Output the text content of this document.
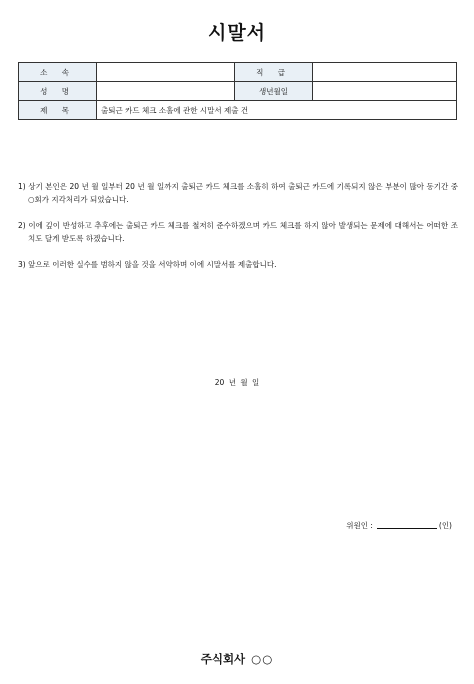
시말서
소 속		직 급	
성 명		생년월일	
제 목	출퇴근 카드 체크 소홀에 관한 시말서 제출 건		
1) 상기 본인은 20 년 월 일부터 20 년 월 일까지 출퇴근 카드 체크를 소홀히 하여 출퇴근 카드에 기록되지 않은 부분이 많아 동기간 중 ○회가 지각처리가 되었습니다.
2) 이에 깊이 반성하고 추후에는 출퇴근 카드 체크를 철저히 준수하겠으며 카드 체크를 하지 않아 발생되는 문제에 대해서는 어떠한 조치도 달게 받도록 하겠습니다.
3) 앞으로 이러한 실수를 범하지 않을 것을 서약하며 이에 시말서를 제출합니다.
20 년 월 일
위원인 :	(인)
주식회사 ○○
